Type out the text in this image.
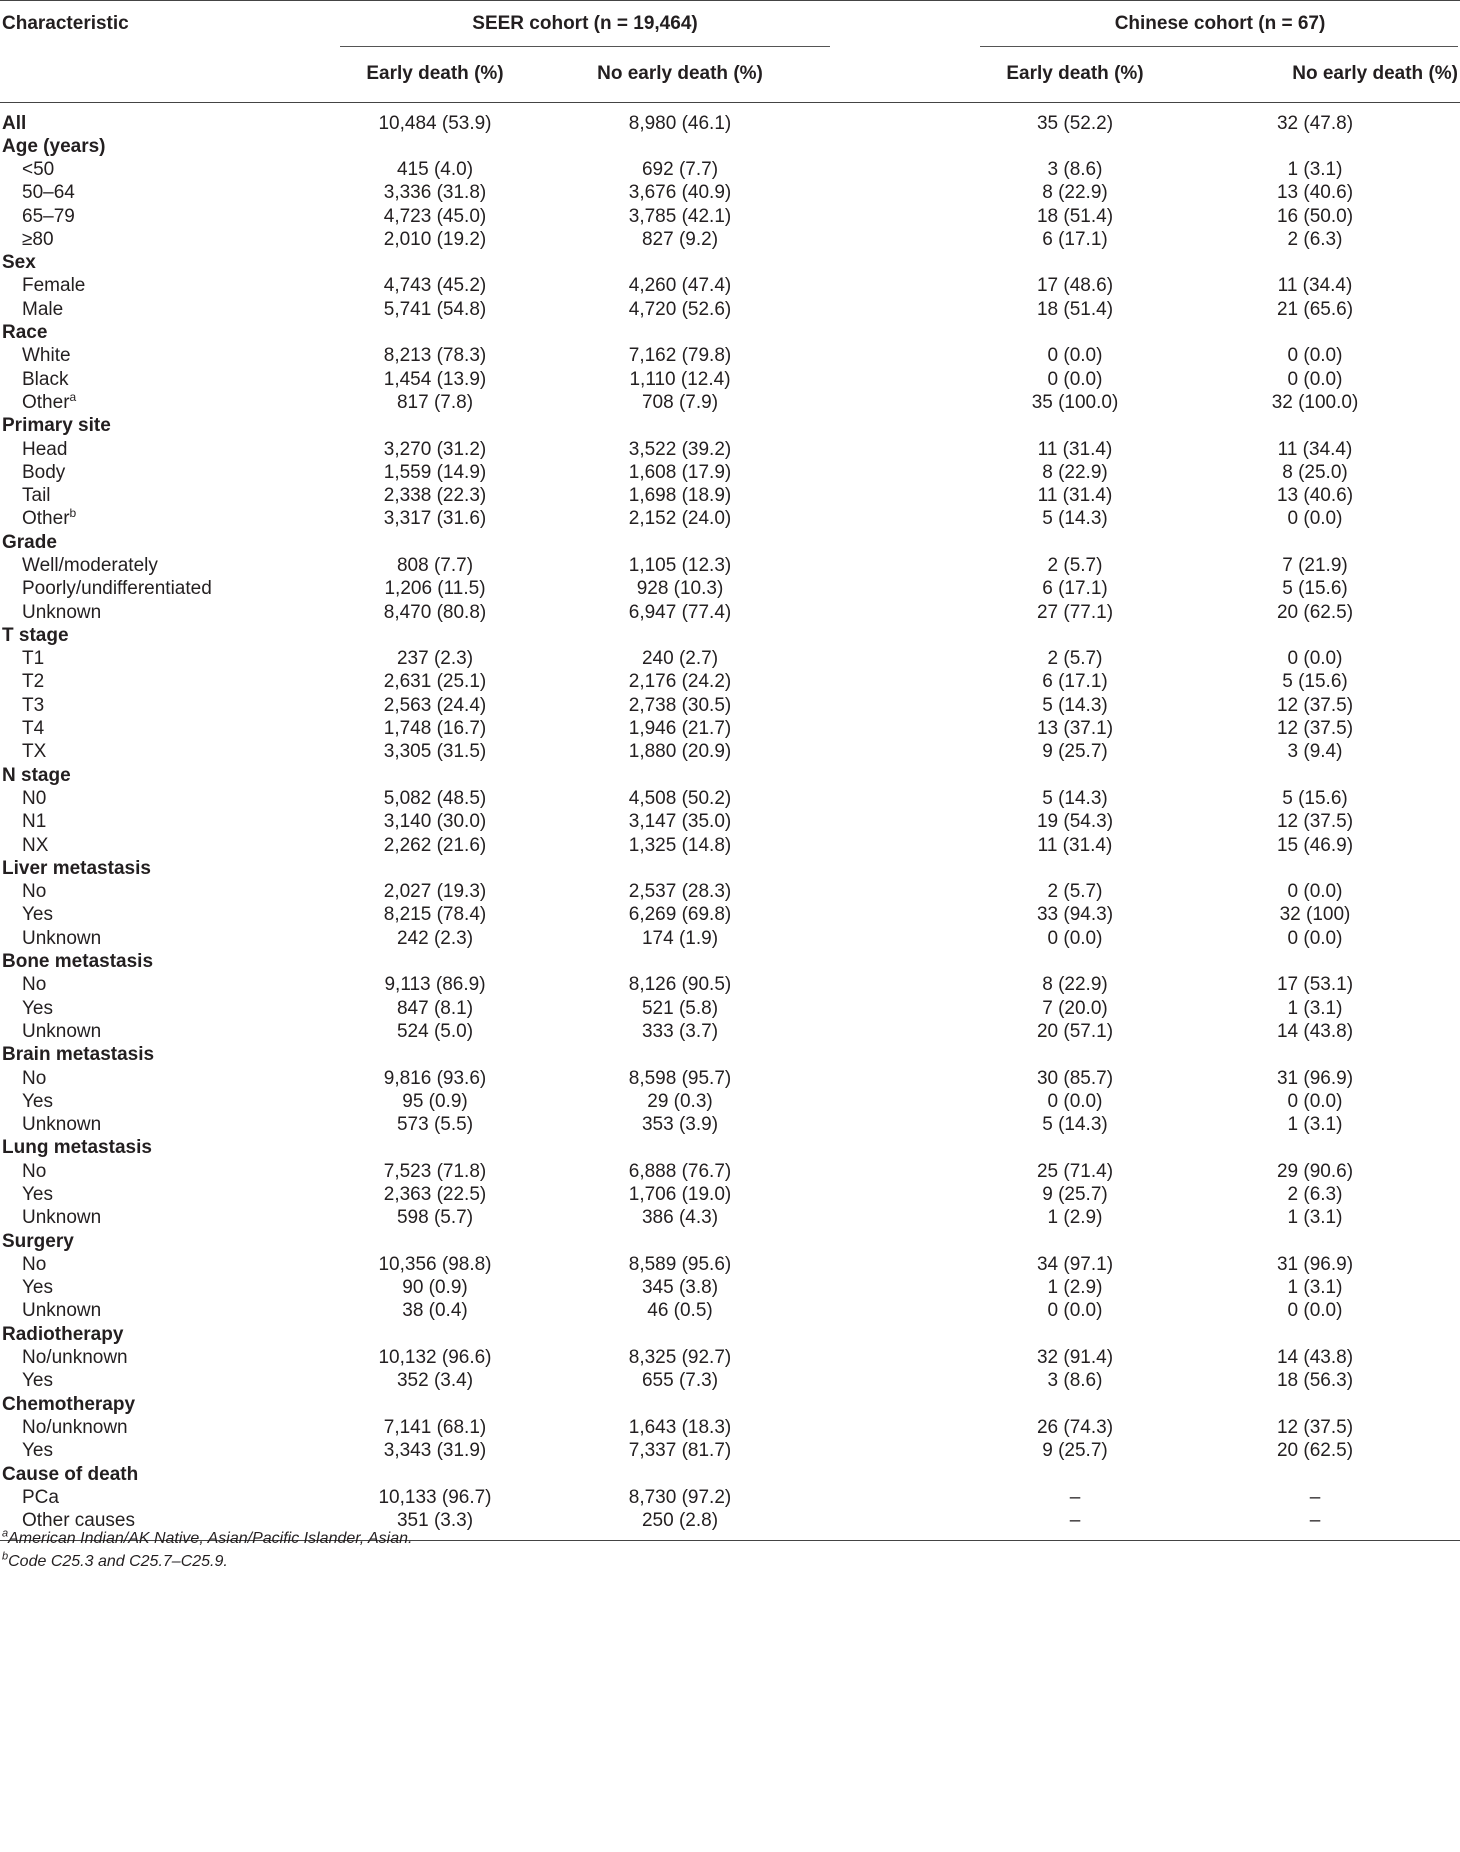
Characteristic	SEER cohort (n = 19,464)			Chinese cohort (n = 67)	

	Early death (%)	No early death (%)		Early death (%)	No early death (%)
All	10,484 (53.9)	8,980 (46.1)		35 (52.2)	32 (47.8)
Age (years)					
<50	415 (4.0)	692 (7.7)		3 (8.6)	1 (3.1)
50–64	3,336 (31.8)	3,676 (40.9)		8 (22.9)	13 (40.6)
65–79	4,723 (45.0)	3,785 (42.1)		18 (51.4)	16 (50.0)
≥80	2,010 (19.2)	827 (9.2)		6 (17.1)	2 (6.3)
Sex					
Female	4,743 (45.2)	4,260 (47.4)		17 (48.6)	11 (34.4)
Male	5,741 (54.8)	4,720 (52.6)		18 (51.4)	21 (65.6)
Race					
White	8,213 (78.3)	7,162 (79.8)		0 (0.0)	0 (0.0)
Black	1,454 (13.9)	1,110 (12.4)		0 (0.0)	0 (0.0)
Other$^a$	817 (7.8)	708 (7.9)		35 (100.0)	32 (100.0)
Primary site					
Head	3,270 (31.2)	3,522 (39.2)		11 (31.4)	11 (34.4)
Body	1,559 (14.9)	1,608 (17.9)		8 (22.9)	8 (25.0)
Tail	2,338 (22.3)	1,698 (18.9)		11 (31.4)	13 (40.6)
Other$^b$	3,317 (31.6)	2,152 (24.0)		5 (14.3)	0 (0.0)
Grade					
Well/moderately	808 (7.7)	1,105 (12.3)		2 (5.7)	7 (21.9)
Poorly/undifferentiated	1,206 (11.5)	928 (10.3)		6 (17.1)	5 (15.6)
Unknown	8,470 (80.8)	6,947 (77.4)		27 (77.1)	20 (62.5)
T stage					
T1	237 (2.3)	240 (2.7)		2 (5.7)	0 (0.0)
T2	2,631 (25.1)	2,176 (24.2)		6 (17.1)	5 (15.6)
T3	2,563 (24.4)	2,738 (30.5)		5 (14.3)	12 (37.5)
T4	1,748 (16.7)	1,946 (21.7)		13 (37.1)	12 (37.5)
TX	3,305 (31.5)	1,880 (20.9)		9 (25.7)	3 (9.4)
N stage					
N0	5,082 (48.5)	4,508 (50.2)		5 (14.3)	5 (15.6)
N1	3,140 (30.0)	3,147 (35.0)		19 (54.3)	12 (37.5)
NX	2,262 (21.6)	1,325 (14.8)		11 (31.4)	15 (46.9)
Liver metastasis					
No	2,027 (19.3)	2,537 (28.3)		2 (5.7)	0 (0.0)
Yes	8,215 (78.4)	6,269 (69.8)		33 (94.3)	32 (100)
Unknown	242 (2.3)	174 (1.9)		0 (0.0)	0 (0.0)
Bone metastasis					
No	9,113 (86.9)	8,126 (90.5)		8 (22.9)	17 (53.1)
Yes	847 (8.1)	521 (5.8)		7 (20.0)	1 (3.1)
Unknown	524 (5.0)	333 (3.7)		20 (57.1)	14 (43.8)
Brain metastasis					
No	9,816 (93.6)	8,598 (95.7)		30 (85.7)	31 (96.9)
Yes	95 (0.9)	29 (0.3)		0 (0.0)	0 (0.0)
Unknown	573 (5.5)	353 (3.9)		5 (14.3)	1 (3.1)
Lung metastasis					
No	7,523 (71.8)	6,888 (76.7)		25 (71.4)	29 (90.6)
Yes	2,363 (22.5)	1,706 (19.0)		9 (25.7)	2 (6.3)
Unknown	598 (5.7)	386 (4.3)		1 (2.9)	1 (3.1)
Surgery					
No	10,356 (98.8)	8,589 (95.6)		34 (97.1)	31 (96.9)
Yes	90 (0.9)	345 (3.8)		1 (2.9)	1 (3.1)
Unknown	38 (0.4)	46 (0.5)		0 (0.0)	0 (0.0)
Radiotherapy					
No/unknown	10,132 (96.6)	8,325 (92.7)		32 (91.4)	14 (43.8)
Yes	352 (3.4)	655 (7.3)		3 (8.6)	18 (56.3)
Chemotherapy					
No/unknown	7,141 (68.1)	1,643 (18.3)		26 (74.3)	12 (37.5)
Yes	3,343 (31.9)	7,337 (81.7)		9 (25.7)	20 (62.5)
Cause of death					
PCa	10,133 (96.7)	8,730 (97.2)		–	–
Other causes	351 (3.3)	250 (2.8)		–	–
$^a$American Indian/AK Native, Asian/Pacific Islander, Asian.
$^b$Code C25.3 and C25.7–C25.9.
